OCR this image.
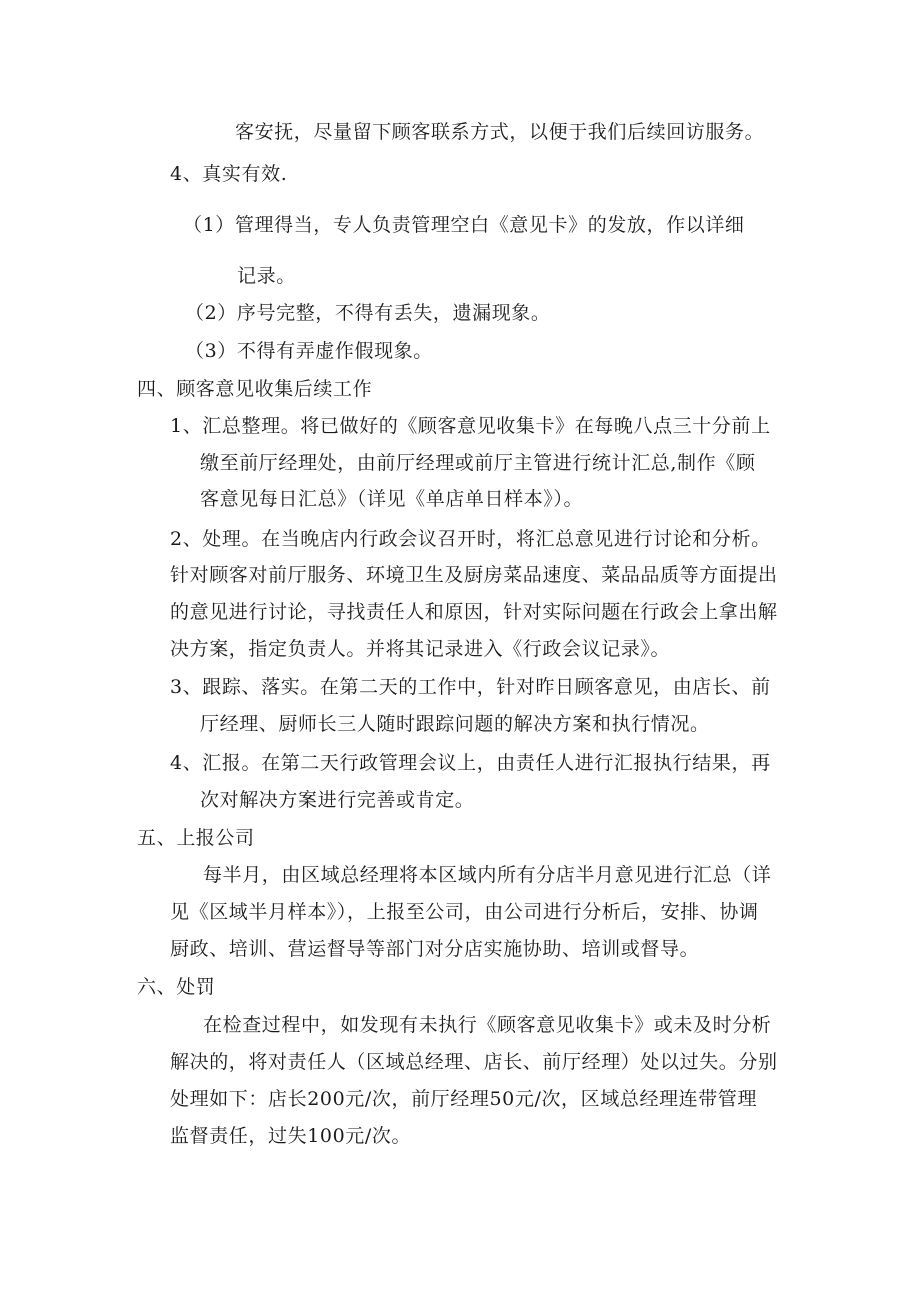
客安抚，尽量留下顾客联系方式，以便于我们后续回访服务。
4、真实有效.
（1）管理得当，专人负责管理空白《意见卡》的发放，作以详细
记录。
（2）序号完整，不得有丢失，遗漏现象。
（3）不得有弄虚作假现象。
四、顾客意见收集后续工作
1、汇总整理。将已做好的《顾客意见收集卡》在每晚八点三十分前上
缴至前厅经理处，由前厅经理或前厅主管进行统计汇总,制作《顾
客意见每日汇总》（详见《单店单日样本》）。
2、处理。在当晚店内行政会议召开时，将汇总意见进行讨论和分析。
针对顾客对前厅服务、环境卫生及厨房菜品速度、菜品品质等方面提出
的意见进行讨论，寻找责任人和原因，针对实际问题在行政会上拿出解
决方案，指定负责人。并将其记录进入《行政会议记录》。
3、跟踪、落实。在第二天的工作中，针对昨日顾客意见，由店长、前
厅经理、厨师长三人随时跟踪问题的解决方案和执行情况。
4、汇报。在第二天行政管理会议上，由责任人进行汇报执行结果，再
次对解决方案进行完善或肯定。
五、上报公司
每半月，由区域总经理将本区域内所有分店半月意见进行汇总（详
见《区域半月样本》），上报至公司，由公司进行分析后，安排、协调
厨政、培训、营运督导等部门对分店实施协助、培训或督导。
六、处罚
在检查过程中，如发现有未执行《顾客意见收集卡》或未及时分析
解决的，将对责任人（区域总经理、店长、前厅经理）处以过失。分别
处理如下：店长200元/次，前厅经理50元/次，区域总经理连带管理
监督责任，过失100元/次。
